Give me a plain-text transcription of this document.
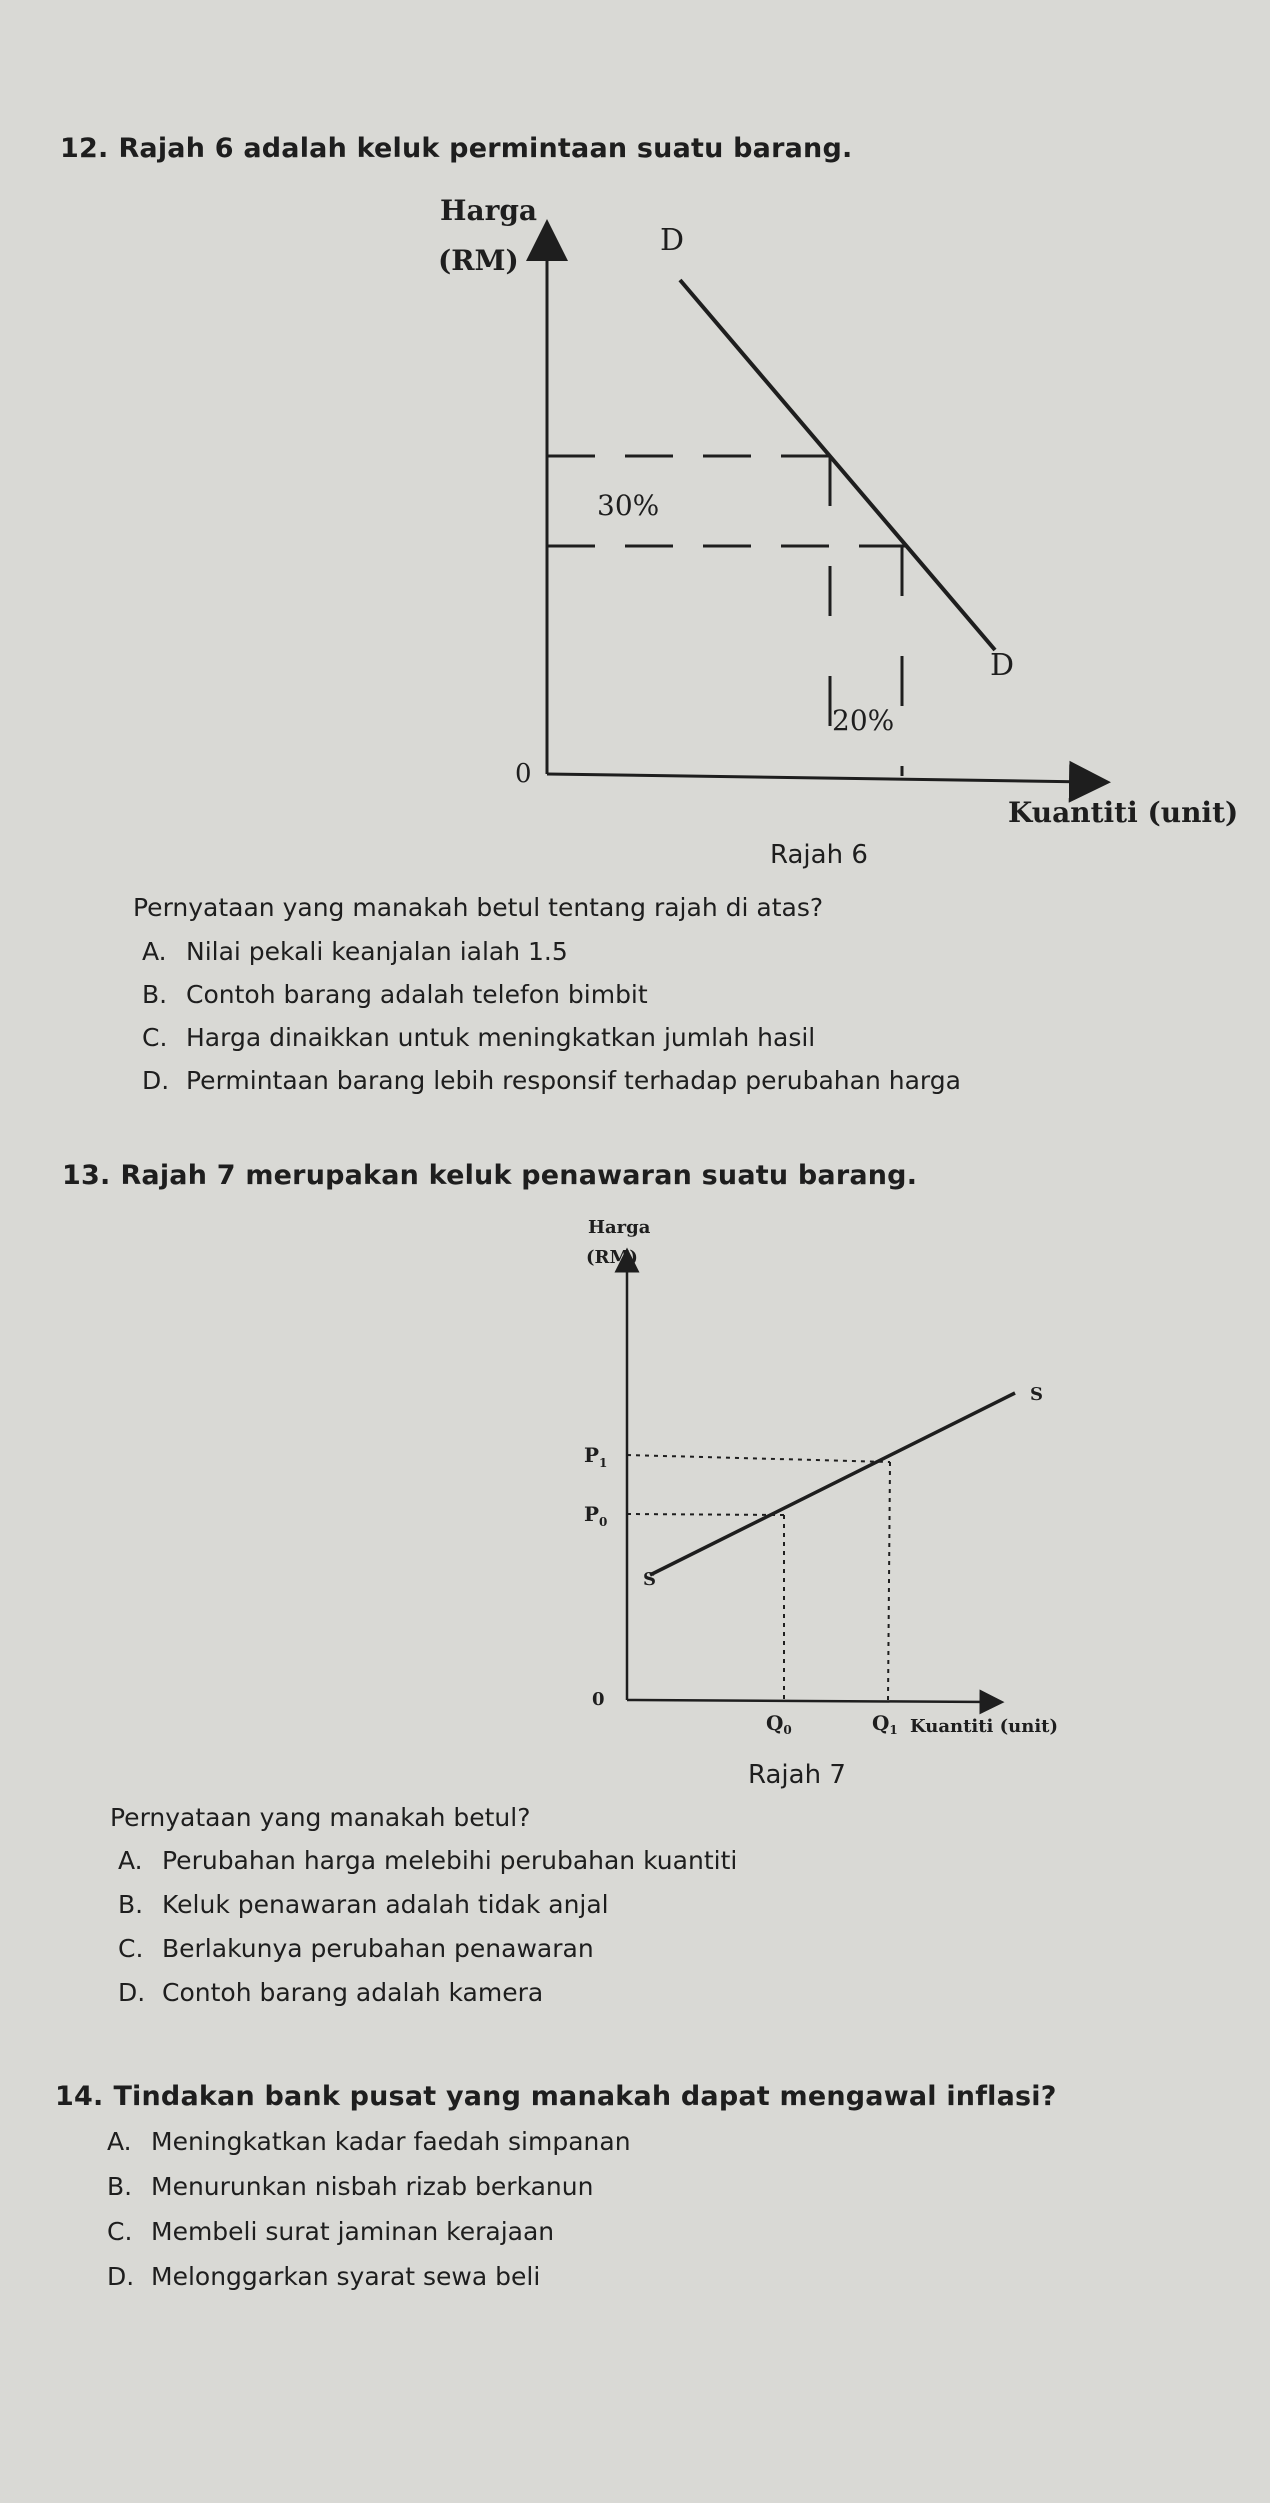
12. Rajah 6 adalah keluk permintaan suatu barang.
Harga
(RM)
D
D
30%
20%
0
Kuantiti (unit)
Rajah 6
Pernyataan yang manakah betul tentang rajah di atas?
A. Nilai pekali keanjalan ialah 1.5
B. Contoh barang adalah telefon bimbit
C. Harga dinaikkan untuk meningkatkan jumlah hasil
D. Permintaan barang lebih responsif terhadap perubahan harga
13. Rajah 7 merupakan keluk penawaran suatu barang.
Harga
(RM)
S
S
$P_1$
$P_0$
0
$Q_0$	$Q_1$ Kuantiti (unit)
Rajah 7
Pernyataan yang manakah betul?
A. Perubahan harga melebihi perubahan kuantiti
B. Keluk penawaran adalah tidak anjal
C. Berlakunya perubahan penawaran
D. Contoh barang adalah kamera
14. Tindakan bank pusat yang manakah dapat mengawal inflasi?
A. Meningkatkan kadar faedah simpanan
B. Menurunkan nisbah rizab berkanun
C. Membeli surat jaminan kerajaan
D. Melonggarkan syarat sewa beli
